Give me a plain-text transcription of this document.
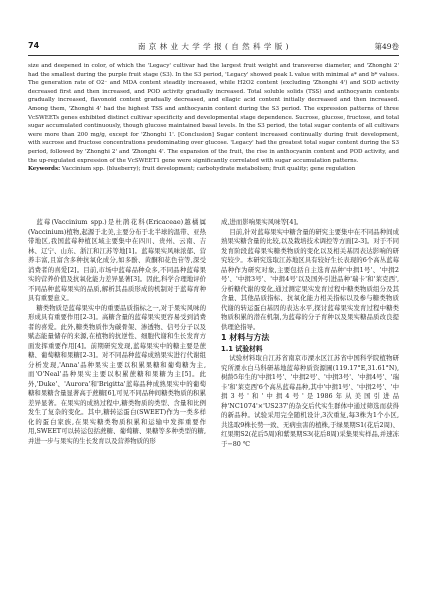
74	南 京 林 业 大 学 学 报 ( 自 然 科 学 版 )	第49卷

size and deepened in color, of which the 'Legacy' cultivar had the largest fruit weight and transverse diameter, and 'Zhonghi 2' had the smallest during the purple fruit stage (S3). In the S3 period, 'Legacy' showed peak L value with minimal a* and b* values. The generation rate of O2⁻ and MDA content steadily increased, while H2O2 content (excluding 'Zhonghi 4') and SOD activity decreased first and then increased, and POD activity gradually increased. Total soluble solids (TSS) and anthocyanin contents gradually increased, flavonoid content gradually decreased, and ellagic acid content initially decreased and then increased. Among them, 'Zhonghi 4' had the highest TSS and anthocyanin content during the S3 period. The expression patterns of three VcSWEETs genes exhibited distinct cultivar specificity and developmental stage dependence. Sucrose, glucose, fructose, and total sugar accumulated continuously, though glucose maintained basal levels. In the S3 period, the total sugar contents of all cultivars were more than 200 mg/g, except for 'Zhonghi 1'. [Conclusion] Sugar content increased continually during fruit development, with sucrose and fructose concentrations predominating over glucose. 'Legacy' had the greatest total sugar content during the S3 period, followed by 'Zhonghi 2' and 'Zhonghi 4'. The expansion of the fruit, the rise in anthocyanin content and POD activity, and the up-regulated expression of the VcSWEET1 gene were significantly correlated with sugar accumulation patterns.

Keywords: Vaccinium spp. (blueberry); fruit development; carbohydrate metabolism; fruit quality; gene regulation

蓝莓(Vaccinium spp.)是杜鹃花科(Ericaceae)越橘属(Vaccinium)植物,起源于北美,主要分布于北半球的温带、亚热带地区,我国蓝莓种植区域主要集中在四川、贵州、云南、吉林、辽宁、山东、浙江和江苏等地[1]。蓝莓果实风味浓郁、营养丰富,且富含多种抗氧化成分,如多酚、黄酮和花色苷等,深受消费者的喜爱[2]。目前,市场中蓝莓品种众多,不同品种蓝莓果实的营养价值及抗氧化能力差异显著[3]。因此,科学合理地评价不同品种蓝莓果实的品质,解析其品质形成的机制对于蓝莓育种具有重要意义。

糖类物质是蓝莓果实中的重要品质指标之一,对于果实风味的形成具有重要作用[2-3]。高糖含量的蓝莓果实更容易受到消费者的喜爱。此外,糖类物质作为碳骨架、渗透物、信号分子以及赋态能量储存的来源,在植物的抗逆性、细胞代谢和生长发育方面发挥重要作用[4]。前期研究发现,蓝莓果实中的糖主要是蔗糖、葡萄糖和果糖[2-3]。对不同品种蓝莓成熟果实进行代谢组分析发现,'Anna'品种果实主要以积累果糖和葡萄糖为主,而'O'Neal'品种果实主要以积累蔗糖和果糖为主[5]。此外,'Duke'、'Aurora'和'Brigitta'蓝莓品种成熟果实中的葡萄糖和果糖含量显著高于蔗糖[6],可见不同品种间糖类物质的积累差异显著。在果实的成熟过程中,糖类物质的类型、含量和比例发生了复杂的变化。其中,糖转运蛋白(SWEET)作为一类多样化的蛋白家族,在果实糖类物质积累和运输中发挥重要作用,SWEET可以转运包括蔗糖、葡萄糖、果糖等多种类型的糖,并进一步与果实的生长发育以及营养物质的形

成,进而影响果实风味等[4]。

目前,针对蓝莓果实中糖含量的研究主要集中在不同品种间成熟果实糖含量的比较,以及栽培技术调控等方面[2-3]。对于不同发育阶段蓝莓果实糖类物质的变化以及相关基因表达影响的研究较少。本研究选取江苏地区具有较好生长表现的6个高丛蓝莓品种作为研究对象,主要包括自主选育品种'中揖1号'、'中揖2号'、'中揖3号'、'中揖4号'以及国外引进品种'瑞卡'和'莱克西',分析糖代谢的变化,通过测定果实发育过程中糖类物质组分及其含量、其他品质指标、抗氧化能力相关指标以及参与糖类物质代谢的转运蛋白基因的表达水平,探讨蓝莓果实发育过程中糖类物质积累的潜在机制,为蓝莓的分子育种以及果实糖品质改良提供理论指导。

1 材料与方法

1.1 试验材料

试验材料取自江苏省南京市溧水区江苏省中国科学院植物研究所溧水白马科研基地蓝莓种质资源圃(119.17°E,31.61°N),树龄5年生的'中揖1号'、'中揖2号'、'中揖3号'、'中揖4号'、'瑞卡'和'莱克西'6个高丛蓝莓品种,其中'中揖1号'、'中揖2号'、'中揖3号'和'中揖4号'是1986年从美国引进品种'NC1074'×'US237'的杂交后代实生群体中通过筛选而获得的新品种。试验采用完全随机设计,3次重复,每3株为1个小区,共选取9株长势一致、无病虫害的植株,于绿果期S1(花后2周)、红果期S2(花后5周)和紫果期S3(花后8周)采集果实样品,并速冻于−80 ℃
